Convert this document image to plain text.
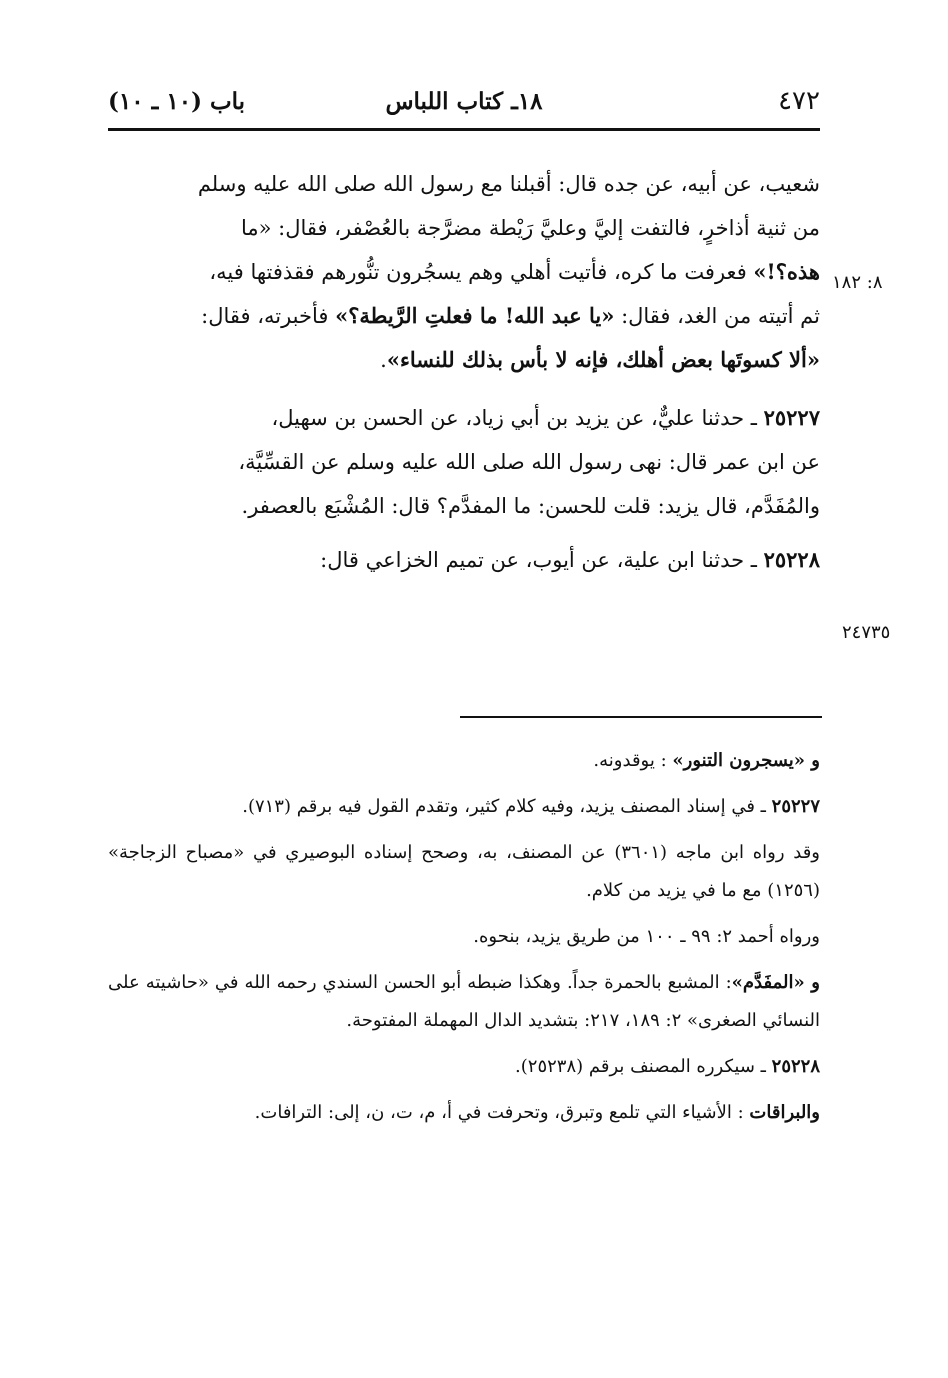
٤٧٢
١٨ـ كتاب اللباس
باب (١٠ ـ ١٠)
٨: ١٨٢
٢٤٧٣٥

شعيب، عن أبيه، عن جده قال: أقبلنا مع رسول الله صلى الله عليه وسلم
من ثنية أذاخرٍ، فالتفت إليَّ وعليَّ رَيْطة مضرَّجة بالعُصْفر، فقال: «ما
هذه؟!» فعرفت ما كره، فأتيت أهلي وهم يسجُرون تنُّورهم فقذفتها فيه،
ثم أتيته من الغد، فقال: «يا عبد الله! ما فعلتِ الرَّيطة؟» فأخبرته، فقال:
«ألا كسوتَها بعض أهلك، فإنه لا بأس بذلك للنساء».

٢٥٢٢٧ ـ حدثنا عليٌّ، عن يزيد بن أبي زياد، عن الحسن بن سهيل،
عن ابن عمر قال: نهى رسول الله صلى الله عليه وسلم عن القسِّيَّة،
والمُفَدَّم، قال يزيد: قلت للحسن: ما المفدَّم؟ قال: المُشْبَع بالعصفر.

٢٥٢٢٨ ـ حدثنا ابن علية، عن أيوب، عن تميم الخزاعي قال:

و «يسجرون التنور» : يوقدونه.

٢٥٢٢٧ ـ في إسناد المصنف يزيد، وفيه كلام كثير، وتقدم القول فيه برقم (٧١٣).

وقد رواه ابن ماجه (٣٦٠١) عن المصنف، به، وصحح إسناده البوصيري في «مصباح الزجاجة» (١٢٥٦) مع ما في يزيد من كلام.

ورواه أحمد ٢: ٩٩ ـ ١٠٠ من طريق يزيد، بنحوه.

و «المفَدَّم»: المشبع بالحمرة جداً. وهكذا ضبطه أبو الحسن السندي رحمه الله في «حاشيته على النسائي الصغرى» ٢: ١٨٩، ٢١٧: بتشديد الدال المهملة المفتوحة.

٢٥٢٢٨ ـ سيكرره المصنف برقم (٢٥٢٣٨).

والبراقات : الأشياء التي تلمع وتبرق، وتحرفت في أ، م، ت، ن، إلى: الترافات.
